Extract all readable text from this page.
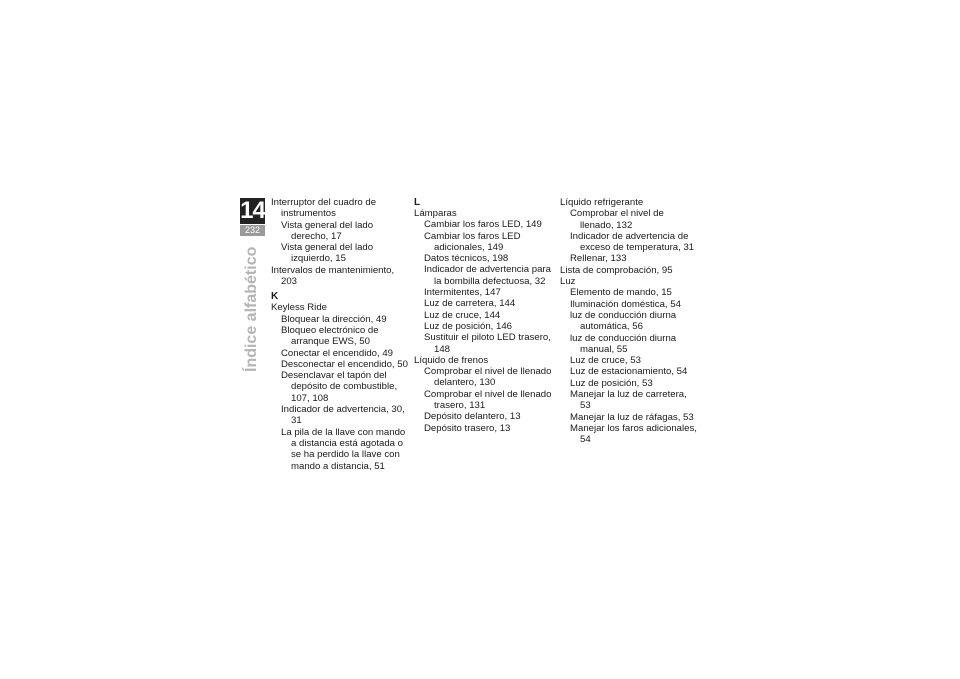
14
232
Índice alfabético
Interruptor del cuadro de instrumentos
Vista general del lado derecho, 17
Vista general del lado izquierdo, 15
Intervalos de mantenimiento, 203
K
Keyless Ride
Bloquear la dirección, 49
Bloqueo electrónico de arranque EWS, 50
Conectar el encendido, 49
Desconectar el encendido, 50
Desenclavar el tapón del depósito de combustible, 107, 108
Indicador de advertencia, 30, 31
La pila de la llave con mando a distancia está agotada o se ha perdido la llave con mando a distancia, 51
L
Lámparas
Cambiar los faros LED, 149
Cambiar los faros LED adicionales, 149
Datos técnicos, 198
Indicador de advertencia para la bombilla defectuosa, 32
Intermitentes, 147
Luz de carretera, 144
Luz de cruce, 144
Luz de posición, 146
Sustituir el piloto LED trasero, 148
Líquido de frenos
Comprobar el nivel de llenado delantero, 130
Comprobar el nivel de llenado trasero, 131
Depósito delantero, 13
Depósito trasero, 13
Líquido refrigerante
Comprobar el nivel de llenado, 132
Indicador de advertencia de exceso de temperatura, 31
Rellenar, 133
Lista de comprobación, 95
Luz
Elemento de mando, 15
Iluminación doméstica, 54
luz de conducción diurna automática, 56
luz de conducción diurna manual, 55
Luz de cruce, 53
Luz de estacionamiento, 54
Luz de posición, 53
Manejar la luz de carretera, 53
Manejar la luz de ráfagas, 53
Manejar los faros adicionales, 54
